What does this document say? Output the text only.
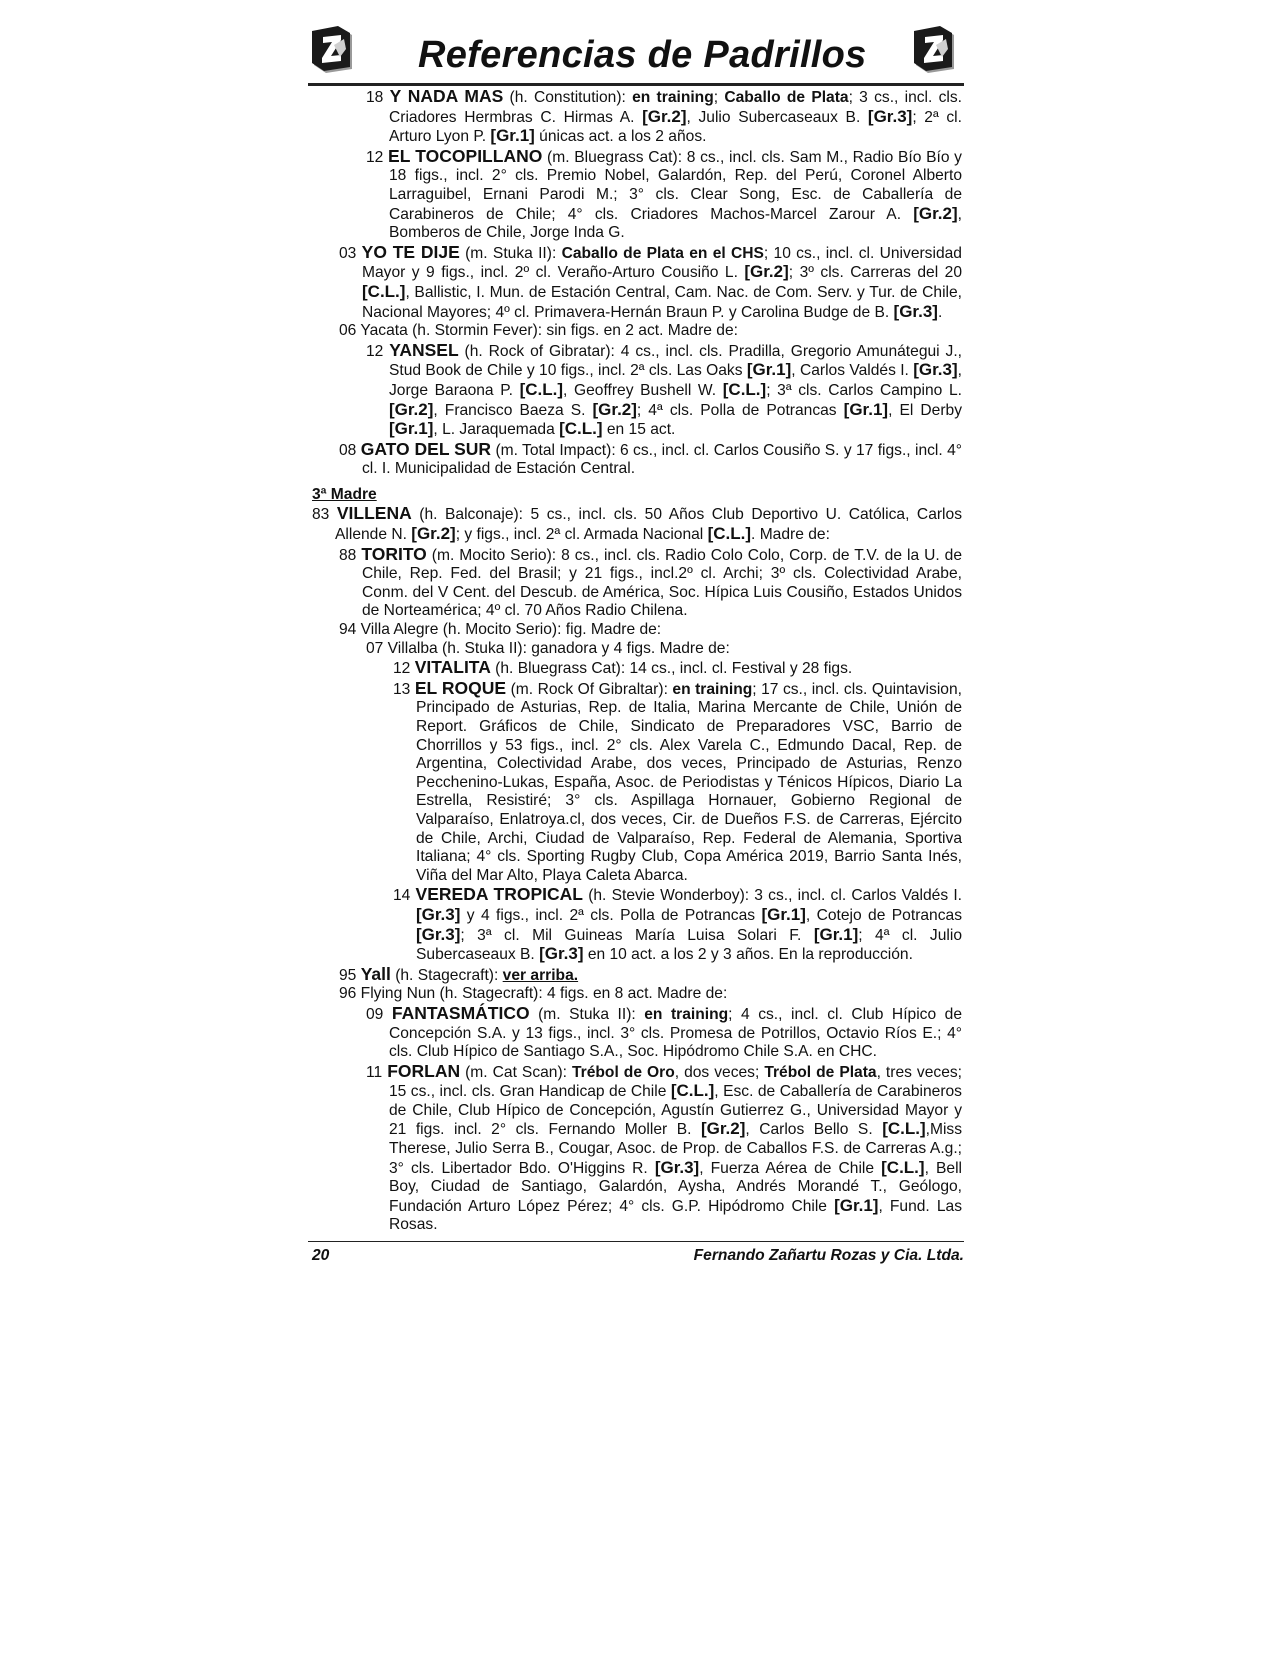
Referencias de Padrillos
18 Y NADA MAS (h. Constitution): en training; Caballo de Plata; 3 cs., incl. cls. Criadores Hermbras C. Hirmas A. [Gr.2], Julio Subercaseaux B. [Gr.3]; 2ª cl. Arturo Lyon P. [Gr.1] únicas act. a los 2 años.
12 EL TOCOPILLANO (m. Bluegrass Cat): 8 cs., incl. cls. Sam M., Radio Bío Bío y 18 figs., incl. 2° cls. Premio Nobel, Galardón, Rep. del Perú, Coronel Alberto Larraguibel, Ernani Parodi M.; 3° cls. Clear Song, Esc. de Caballería de Carabineros de Chile; 4° cls. Criadores Machos-Marcel Zarour A. [Gr.2], Bomberos de Chile, Jorge Inda G.
03 YO TE DIJE (m. Stuka II): Caballo de Plata en el CHS; 10 cs., incl. cl. Universidad Mayor y 9 figs., incl. 2º cl. Veraño-Arturo Cousiño L. [Gr.2]; 3º cls. Carreras del 20 [C.L.], Ballistic, I. Mun. de Estación Central, Cam. Nac. de Com. Serv. y Tur. de Chile, Nacional Mayores; 4º cl. Primavera-Hernán Braun P. y Carolina Budge de B. [Gr.3].
06 Yacata (h. Stormin Fever): sin figs. en 2 act. Madre de:
12 YANSEL (h. Rock of Gibratar): 4 cs., incl. cls. Pradilla, Gregorio Amunátegui J., Stud Book de Chile y 10 figs., incl. 2ª cls. Las Oaks [Gr.1], Carlos Valdés I. [Gr.3], Jorge Baraona P. [C.L.], Geoffrey Bushell W. [C.L.]; 3ª cls. Carlos Campino L. [Gr.2], Francisco Baeza S. [Gr.2]; 4ª cls. Polla de Potrancas [Gr.1], El Derby [Gr.1], L. Jaraquemada [C.L.] en 15 act.
08 GATO DEL SUR (m. Total Impact): 6 cs., incl. cl. Carlos Cousiño S. y 17 figs., incl. 4° cl. I. Municipalidad de Estación Central.
3ª Madre
83 VILLENA (h. Balconaje): 5 cs., incl. cls. 50 Años Club Deportivo U. Católica, Carlos Allende N. [Gr.2]; y figs., incl. 2ª cl. Armada Nacional [C.L.]. Madre de:
88 TORITO (m. Mocito Serio): 8 cs., incl. cls. Radio Colo Colo, Corp. de T.V. de la U. de Chile, Rep. Fed. del Brasil; y 21 figs., incl.2º cl. Archi; 3º cls. Colectividad Arabe, Conm. del V Cent. del Descub. de América, Soc. Hípica Luis Cousiño, Estados Unidos de Norteamérica; 4º cl. 70 Años Radio Chilena.
94 Villa Alegre (h. Mocito Serio): fig. Madre de:
07 Villalba (h. Stuka II): ganadora y 4 figs. Madre de:
12 VITALITA (h. Bluegrass Cat): 14 cs., incl. cl. Festival y 28 figs.
13 EL ROQUE (m. Rock Of Gibraltar): en training; 17 cs., incl. cls. Quintavision, Principado de Asturias, Rep. de Italia, Marina Mercante de Chile, Unión de Report. Gráficos de Chile, Sindicato de Preparadores VSC, Barrio de Chorrillos y 53 figs., incl. 2° cls. Alex Varela C., Edmundo Dacal, Rep. de Argentina, Colectividad Arabe, dos veces, Principado de Asturias, Renzo Pecchenino-Lukas, España, Asoc. de Periodistas y Ténicos Hípicos, Diario La Estrella, Resistiré; 3° cls. Aspillaga Hornauer, Gobierno Regional de Valparaíso, Enlatroya.cl, dos veces, Cir. de Dueños F.S. de Carreras, Ejército de Chile, Archi, Ciudad de Valparaíso, Rep. Federal de Alemania, Sportiva Italiana; 4° cls. Sporting Rugby Club, Copa América 2019, Barrio Santa Inés, Viña del Mar Alto, Playa Caleta Abarca.
14 VEREDA TROPICAL (h. Stevie Wonderboy): 3 cs., incl. cl. Carlos Valdés I. [Gr.3] y 4 figs., incl. 2ª cls. Polla de Potrancas [Gr.1], Cotejo de Potrancas [Gr.3]; 3ª cl. Mil Guineas María Luisa Solari F. [Gr.1]; 4ª cl. Julio Subercaseaux B. [Gr.3] en 10 act. a los 2 y 3 años. En la reproducción.
95 Yall (h. Stagecraft): ver arriba.
96 Flying Nun (h. Stagecraft): 4 figs. en 8 act. Madre de:
09 FANTASMÁTICO (m. Stuka II): en training; 4 cs., incl. cl. Club Hípico de Concepción S.A. y 13 figs., incl. 3° cls. Promesa de Potrillos, Octavio Ríos E.; 4° cls. Club Hípico de Santiago S.A., Soc. Hipódromo Chile S.A. en CHC.
11 FORLAN (m. Cat Scan): Trébol de Oro, dos veces; Trébol de Plata, tres veces; 15 cs., incl. cls. Gran Handicap de Chile [C.L.], Esc. de Caballería de Carabineros de Chile, Club Hípico de Concepción, Agustín Gutierrez G., Universidad Mayor y 21 figs. incl. 2° cls. Fernando Moller B. [Gr.2], Carlos Bello S. [C.L.],Miss Therese, Julio Serra B., Cougar, Asoc. de Prop. de Caballos F.S. de Carreras A.g.; 3° cls. Libertador Bdo. O'Higgins R. [Gr.3], Fuerza Aérea de Chile [C.L.], Bell Boy, Ciudad de Santiago, Galardón, Aysha, Andrés Morandé T., Geólogo, Fundación Arturo López Pérez; 4° cls. G.P. Hipódromo Chile [Gr.1], Fund. Las Rosas.
20	Fernando Zañartu Rozas y Cia. Ltda.
